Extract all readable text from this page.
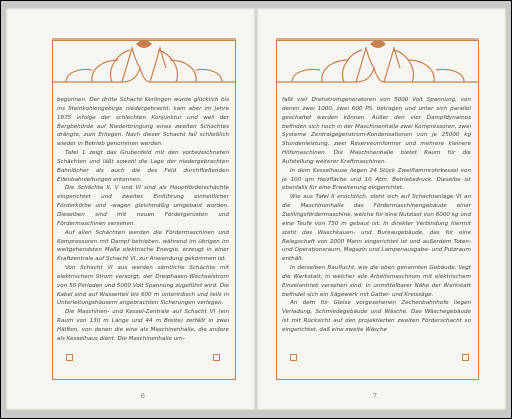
begonnen. Der dritte Schacht Kerlingen wurde glücklich bis ins Steinkohlengebirge niedergebracht, kam aber im Jahre 1875 infolge der schlechten Konjunktur und weil der Bergbehörde auf Niederbringung eines zweiten Schachtes drängte, zum Erliegen. Nach dieser Schacht fall schließlich wieder in Betrieb genommen werden.

Tafel 1 zeigt das Grubenfeld mit den vorbezeichneten Schächten und läßt sowohl die Lage der niedergebrachten Bahnlöcher als auch die des Feld durchfließenden Eifenbahnleitungen erkennen.

Die Schächte II, V und VI sind als Hauptförderschächte eingerichtet und zweites Einführung einheitlicher Förderkörbe und -wagen gleichmäßig umgebaut worden. Dieselben sind mit neuen Fördergerüsten und Fördermaschinen versehen.

Auf allen Schächten werden die Fördermaschinen und Kompressoren mit Dampf betrieben, während im übrigen im weitgehendsten Maße elektrische Energie, erzeugt in einer Kraftzentrale auf Schacht VI, zur Anwendung gekommen ist.

Von Schacht VI aus werden sämtliche Schächte mit elektrischem Strom versorgt, der Dreiphasen-Wechselstrom von 50 Perioden und 5000 Volt Spannung zugeführt wird. Die Kabel sind auf Wasserteil bis 600 m unterirdisch und teils in Unterleitungshäusern angebrachten Sicherungen verlegen.

Die Maschinen- und Kessel-Zentrale auf Schacht VI (ein Raum von 130 m Länge und 44 m Breite) zerfällt in zwei Hälften, von denen die eine als Maschinenhalle, die andere als Kesselhaus dient. Die Maschinenhalle um-

6

faßt vier Drehstromgeneratoren von 5000 Volt Spannung, von denen zwei 1000, zwei 600 PS. betragen und unter sich parallel geschaltet werden können. Außer den vier Dampfdynamos befinden sich noch in der Maschinenhalle zwei Kompressoren, zwei Systeme Zentralgegenstrom-Kondensationen von je 25000 kg Stundenleistung, zwei Reserveumformer und mehrere kleinere Hilfsmaschinen. Die Maschinenhalle bietet Raum für die Aufstellung weiterer Kraftmaschinen.

In dem Kesselhause liegen 24 Stück Zweiflammrohrkessel von je 100 qm Heizfläche und 10 Atm. Betriebsdruck. Dieselbe ist ebenfalls für eine Erweiterung eingerichtet.

Wie aus Tafel II ersichtlich, steht sich auf Schachtanlage VI an die Maschinenhalle das Fördermaschinengebäude einer Zwillingsfördermaschine, welche für eine Nutzlast von 6000 kg und eine Teufe von 750 m gebaut ist. In direkter Verbindung hiermit steht das Waschkauen- und Bureaugebäude, das für eine Belegschaft von 2000 Mann eingerichtet ist und außerdem Toten- und Operationsraum, Magazin und Lampenausgabe- und Putzraum enthält.

In derselben Bauflucht, wie die oben genannten Gebäude, liegt die Werkstatt, in welcher alle Arbeitsmaschinen mit elektrischem Einzelantrieb versehen sind. In unmittelbarer Nähe der Werkstatt befindet sich ein Sägewerk mit Gatter- und Kreissäge.

An dem für Gleise vorgesehenen Zechenbahnhofe liegen Verladung, Schmiedegebäude und Wäsche. Das Wäschegebäude ist mit Rücksicht auf den projektierten zweiten Förderschacht so eingerichtet, daß eine zweite Wäsche

7
